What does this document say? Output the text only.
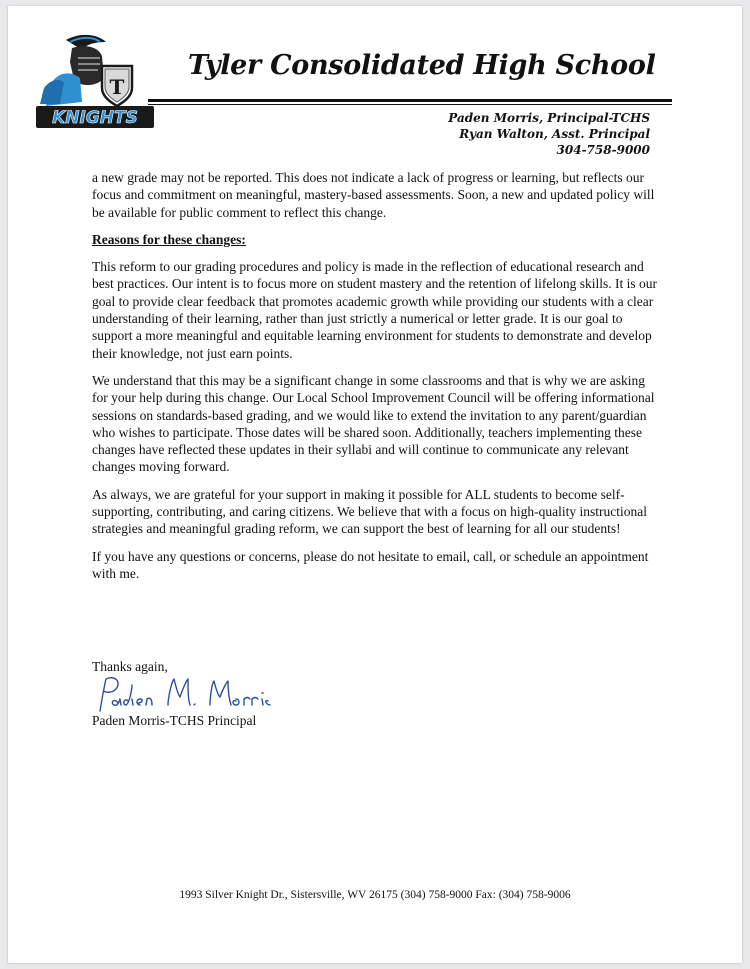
T
KNIGHTS
Tyler Consolidated High School
Paden Morris, Principal-TCHS
Ryan Walton, Asst. Principal
304-758-9000

a new grade may not be reported. This does not indicate a lack of progress or learning, but reflects our focus and commitment on meaningful, mastery-based assessments. Soon, a new and updated policy will be available for public comment to reflect this change.

Reasons for these changes:

This reform to our grading procedures and policy is made in the reflection of educational research and best practices. Our intent is to focus more on student mastery and the retention of lifelong skills. It is our goal to provide clear feedback that promotes academic growth while providing our students with a clear understanding of their learning, rather than just strictly a numerical or letter grade. It is our goal to support a more meaningful and equitable learning environment for students to demonstrate and develop their knowledge, not just earn points.

We understand that this may be a significant change in some classrooms and that is why we are asking for your help during this change. Our Local School Improvement Council will be offering informational sessions on standards-based grading, and we would like to extend the invitation to any parent/guardian who wishes to participate. Those dates will be shared soon. Additionally, teachers implementing these changes have reflected these updates in their syllabi and will continue to communicate any relevant changes moving forward.

As always, we are grateful for your support in making it possible for ALL students to become self-supporting, contributing, and caring citizens. We believe that with a focus on high-quality instructional strategies and meaningful grading reform, we can support the best of learning for all our students!

If you have any questions or concerns, please do not hesitate to email, call, or schedule an appointment with me.

Thanks again,
Paden Morris-TCHS Principal
1993 Silver Knight Dr., Sistersville, WV 26175 (304) 758-9000 Fax: (304) 758-9006
